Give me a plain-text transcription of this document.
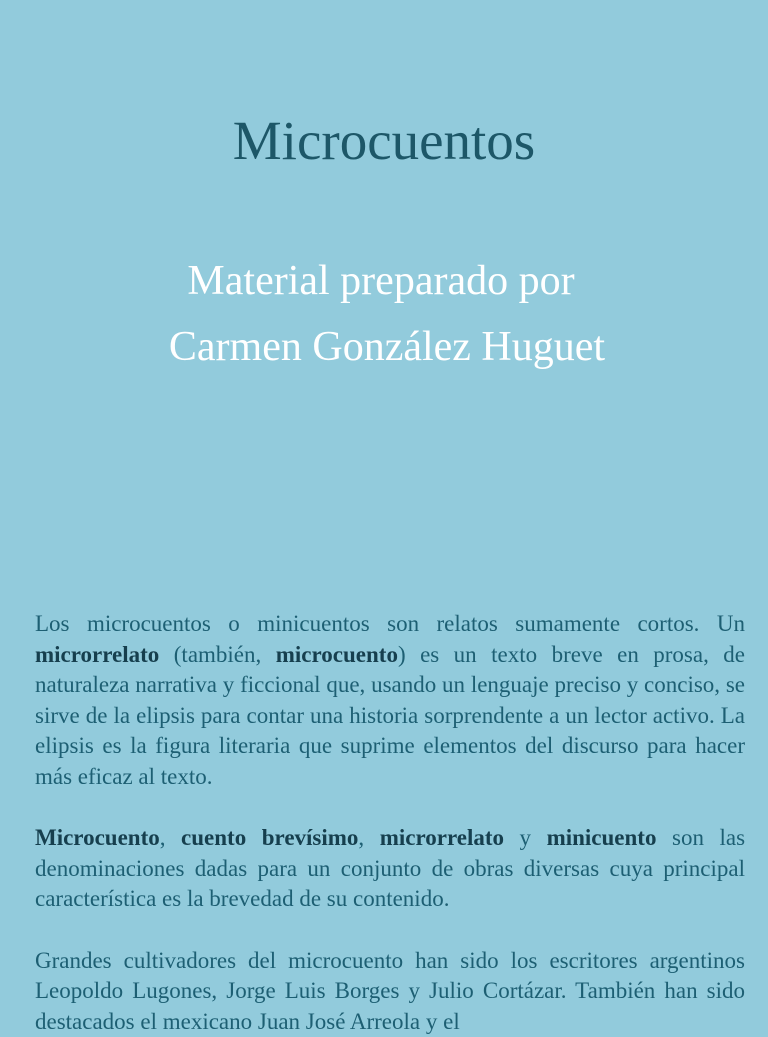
Microcuentos
Material preparado por
Carmen González Huguet

Los microcuentos o minicuentos son relatos sumamente cortos. Un microrrelato (también, microcuento) es un texto breve en prosa, de naturaleza narrativa y ficcional que, usando un lenguaje preciso y conciso, se sirve de la elipsis para contar una historia sorprendente a un lector activo. La elipsis es la figura literaria que suprime elementos del discurso para hacer más eficaz al texto.

Microcuento, cuento brevísimo, microrrelato y minicuento son las denominaciones dadas para un conjunto de obras diversas cuya principal característica es la brevedad de su contenido.

Grandes cultivadores del microcuento han sido los escritores argentinos Leopoldo Lugones, Jorge Luis Borges y Julio Cortázar. También han sido destacados el mexicano Juan José Arreola y el
